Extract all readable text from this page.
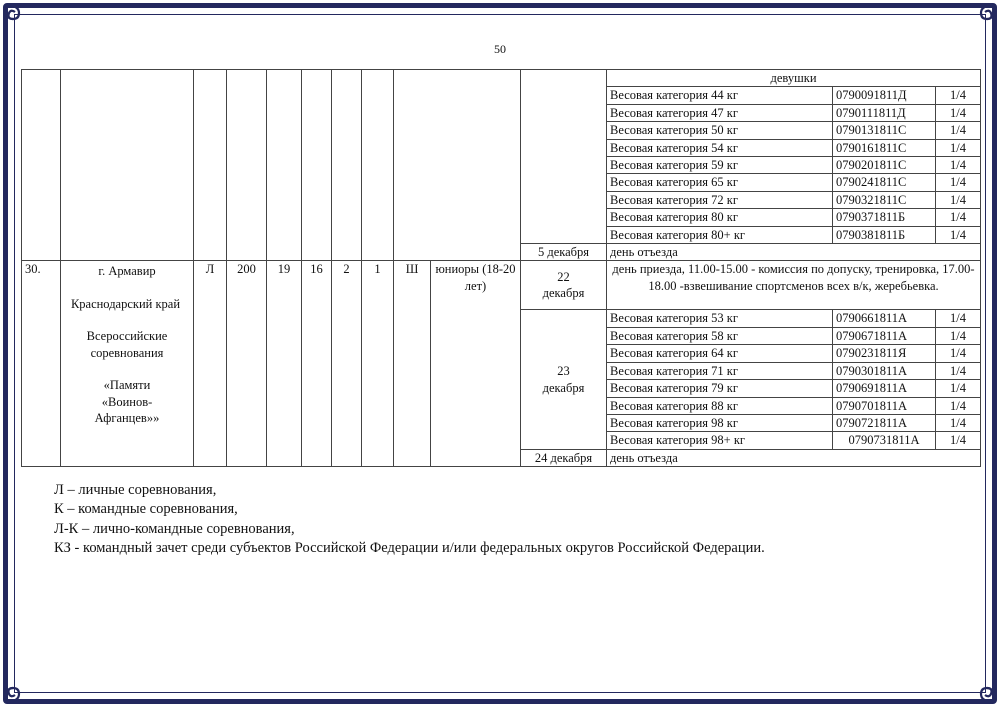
50
											девушки		
											Весовая категория 44 кг	0790091811Д	1/4
											Весовая категория 47 кг	0790111811Д	1/4
											Весовая категория 50 кг	0790131811С	1/4
											Весовая категория 54 кг	0790161811С	1/4
											Весовая категория 59 кг	0790201811С	1/4
											Весовая категория 65 кг	0790241811С	1/4
											Весовая категория 72 кг	0790321811С	1/4
											Весовая категория 80 кг	0790371811Б	1/4
											Весовая категория 80+ кг	0790381811Б	1/4
										5 декабря	день отъезда		
30.	г. Армавир
Краснодарский край
Всероссийские соревнования
«Памяти «Воинов-Афганцев»»	Л	200	19	16	2	1	Ш	юниоры (18-20 лет)	22 декабря	день приезда, 11.00-15.00 - комиссия по допуску, тренировка, 17.00-18.00 -взвешивание спортсменов всех в/к, жеребьевка.		
										23 декабря	Весовая категория 53 кг	0790661811А	1/4
											Весовая категория 58 кг	0790671811А	1/4
											Весовая категория 64 кг	0790231811Я	1/4
											Весовая категория 71 кг	0790301811А	1/4
											Весовая категория 79 кг	0790691811А	1/4
											Весовая категория 88 кг	0790701811А	1/4
											Весовая категория 98 кг	0790721811А	1/4
											Весовая категория 98+ кг	0790731811А	1/4
										24 декабря	день отъезда		
Л – личные соревнования,
К – командные соревнования,
Л-К – лично-командные соревнования,
КЗ - командный зачет среди субъектов Российской Федерации и/или федеральных округов Российской Федерации.
